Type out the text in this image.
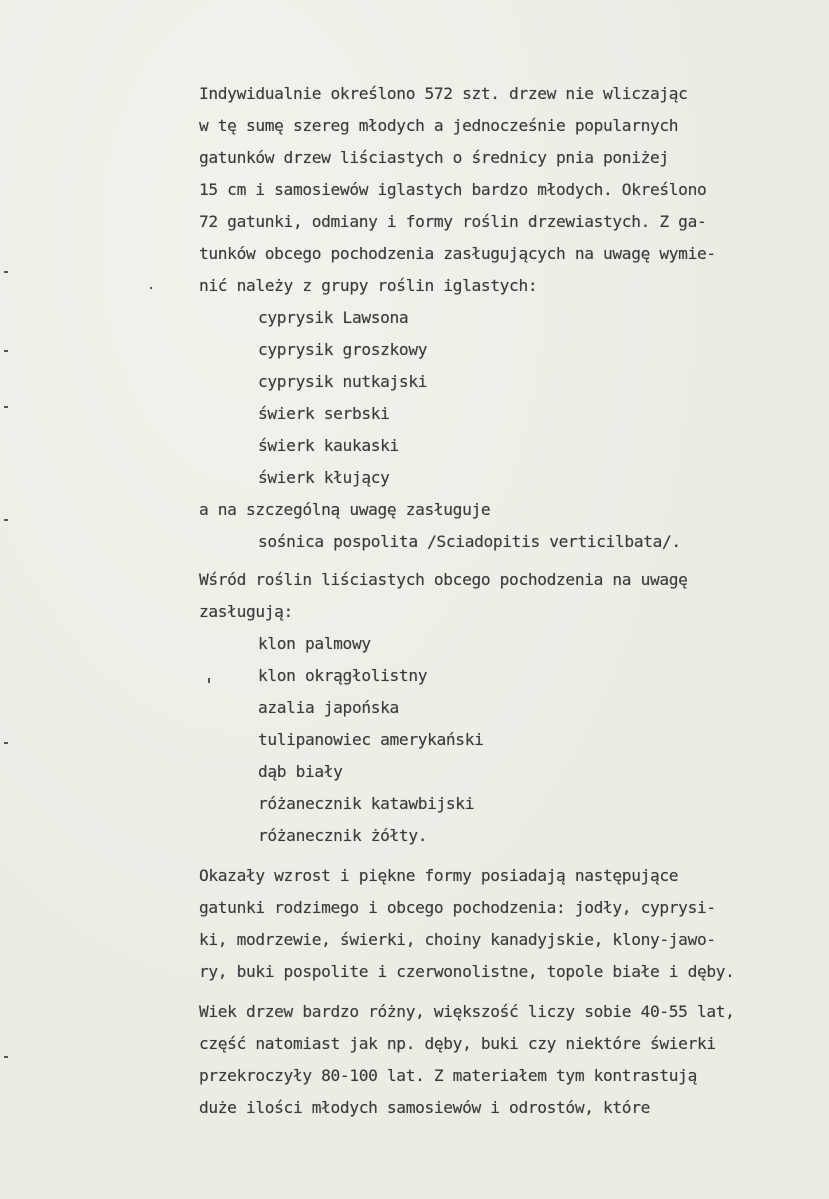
Indywidualnie określono 572 szt. drzew nie wliczając
w tę sumę szereg młodych a jednocześnie popularnych
gatunków drzew liściastych o średnicy pnia poniżej
15 cm i samosiewów iglastych bardzo młodych. Określono
72 gatunki, odmiany i formy roślin drzewiastych. Z ga-
tunków obcego pochodzenia zasługujących na uwagę wymie-
nić należy z grupy roślin iglastych:
cyprysik Lawsona
cyprysik groszkowy
cyprysik nutkajski
świerk serbski
świerk kaukaski
świerk kłujący
a na szczególną uwagę zasługuje
sośnica pospolita /Sciadopitis verticilbata/.
Wśród roślin liściastych obcego pochodzenia na uwagę
zasługują:
klon palmowy
klon okrągłolistny
azalia japońska
tulipanowiec amerykański
dąb biały
różanecznik katawbijski
różanecznik żółty.
Okazały wzrost i piękne formy posiadają następujące
gatunki rodzimego i obcego pochodzenia: jodły, cyprysi-
ki, modrzewie, świerki, choiny kanadyjskie, klony-jawo-
ry, buki pospolite i czerwonolistne, topole białe i dęby.
Wiek drzew bardzo różny, większość liczy sobie 40-55 lat,
część natomiast jak np. dęby, buki czy niektóre świerki
przekroczyły 80-100 lat. Z materiałem tym kontrastują
duże ilości młodych samosiewów i odrostów, które
